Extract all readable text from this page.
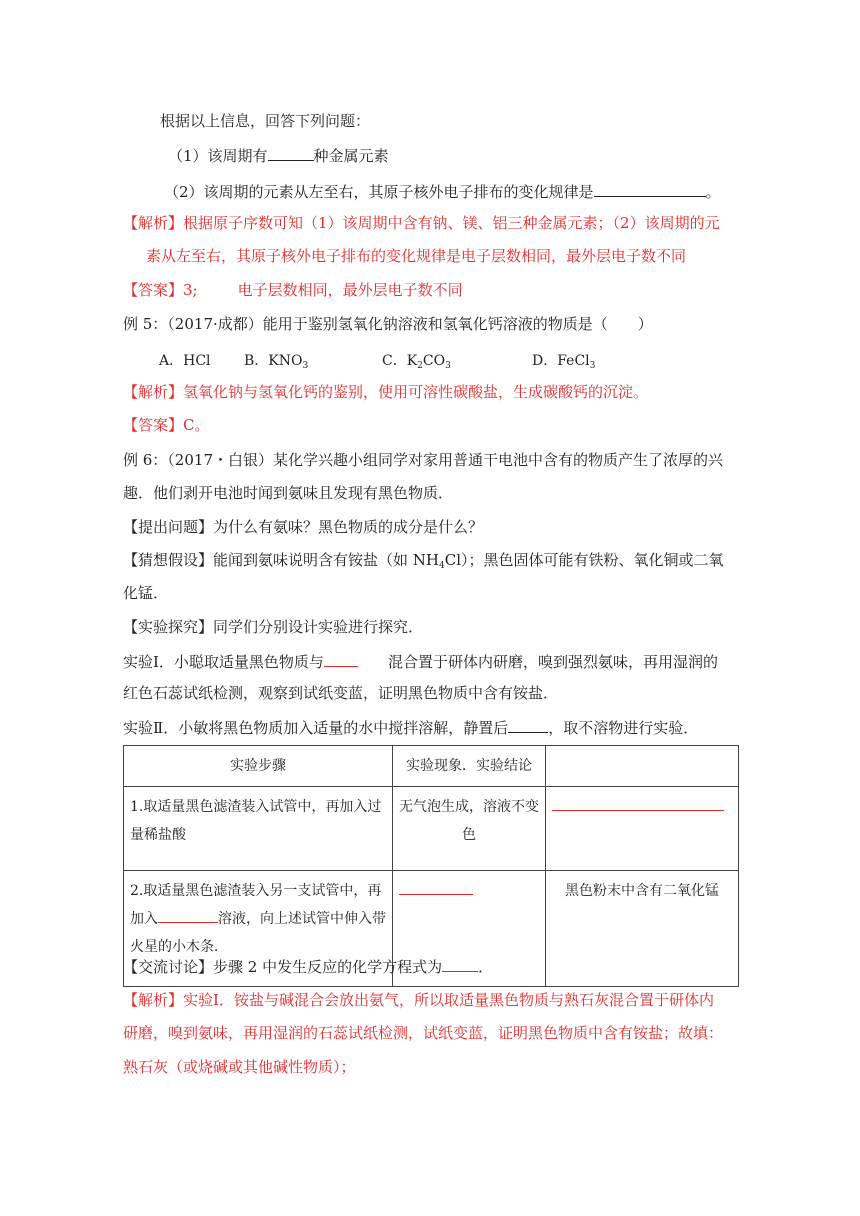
根据以上信息，回答下列问题：
（1）该周期有	种金属元素
（2）该周期的元素从左至右，其原子核外电子排布的变化规律是	。
【解析】根据原子序数可知（1）该周期中含有钠、镁、铝三种金属元素；（2）该周期的元
素从左至右，其原子核外电子排布的变化规律是电子层数相同，最外层电子数不同
【答案】3;	电子层数相同，最外层电子数不同
例 5：（2017·成都）能用于鉴别氢氧化钠溶液和氢氧化钙溶液的物质是（　　）
A．HCl B．$KNO_3$	C．$K_2CO_3$	D．FeCl$_3$
【解析】氢氧化钠与氢氧化钙的鉴别，使用可溶性碳酸盐，生成碳酸钙的沉淀。
【答案】C。
例 6：（2017・白银）某化学兴趣小组同学对家用普通干电池中含有的物质产生了浓厚的兴
趣．他们剥开电池时闻到氨味且发现有黑色物质．
【提出问题】为什么有氨味？黑色物质的成分是什么？
【猜想假设】能闻到氨味说明含有铵盐（如 $NH_4Cl$）；黑色固体可能有铁粉、氧化铜或二氧
化锰．
【实验探究】同学们分别设计实验进行探究．
实验Ⅰ．小聪取适量黑色物质与	混合置于研体内研磨，嗅到强烈氨味，再用湿润的
红色石蕊试纸检测，观察到试纸变蓝，证明黑色物质中含有铵盐．
实验Ⅱ．小敏将黑色物质加入适量的水中搅拌溶解，静置后	，取不溶物进行实验．
实验步骤	实验现象．实验结论	
1.取适量黑色滤渣装入试管中，再加入过量稀盐酸	无气泡生成，溶液不变色	
2.取适量黑色滤渣装入另一支试管中，再加入 溶液，向上述试管中伸入带火星的小木条．		黑色粉末中含有二氧化锰
【交流讨论】步骤 2 中发生反应的化学方程式为 ．
【解析】实验Ⅰ．铵盐与碱混合会放出氨气，所以取适量黑色物质与熟石灰混合置于研体内
研磨，嗅到氨味，再用湿润的石蕊试纸检测，试纸变蓝，证明黑色物质中含有铵盐；故填：
熟石灰（或烧碱或其他碱性物质）；
